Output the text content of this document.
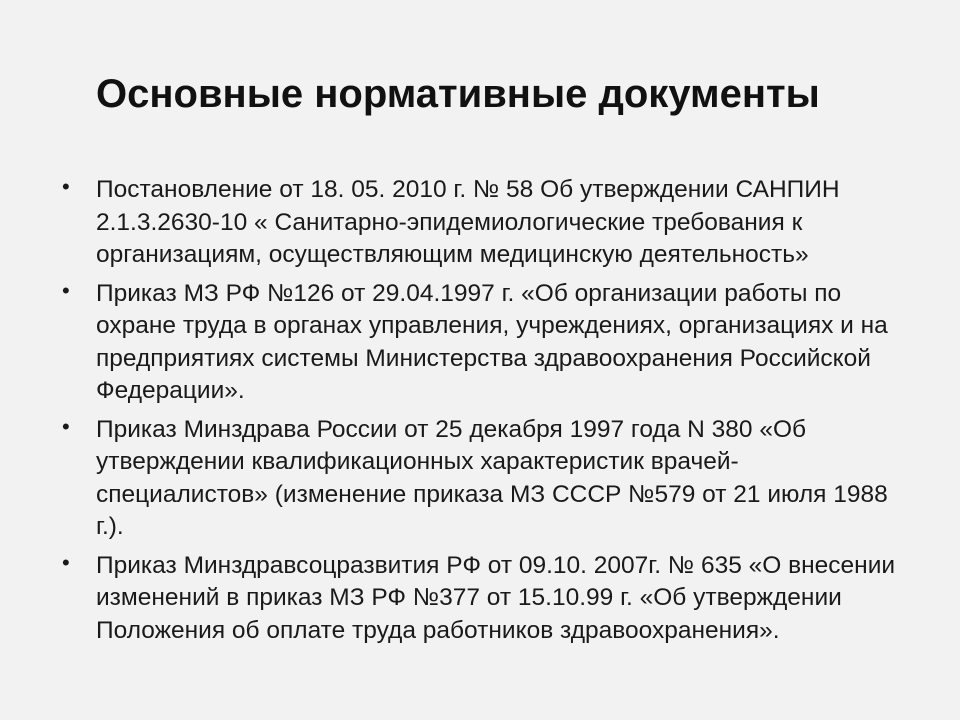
Основные нормативные документы
• Постановление от 18. 05. 2010 г. № 58 Об утверждении САНПИН 2.1.3.2630-10 « Санитарно-эпидемиологические требования к организациям, осуществляющим медицинскую деятельность»
• Приказ МЗ РФ №126 от 29.04.1997 г. «Об организации работы по охране труда в органах управления, учреждениях, организациях и на предприятиях системы Министерства здравоохранения Российской Федерации».
• Приказ Минздрава России от 25 декабря 1997 года N 380 «Об утверждении квалификационных характеристик врачей-специалистов» (изменение приказа МЗ СССР №579 от 21 июля 1988 г.).
• Приказ Минздравсоцразвития РФ от 09.10. 2007г. № 635 «О внесении изменений в приказ МЗ РФ №377 от 15.10.99 г. «Об утверждении Положения об оплате труда работников здравоохранения».
